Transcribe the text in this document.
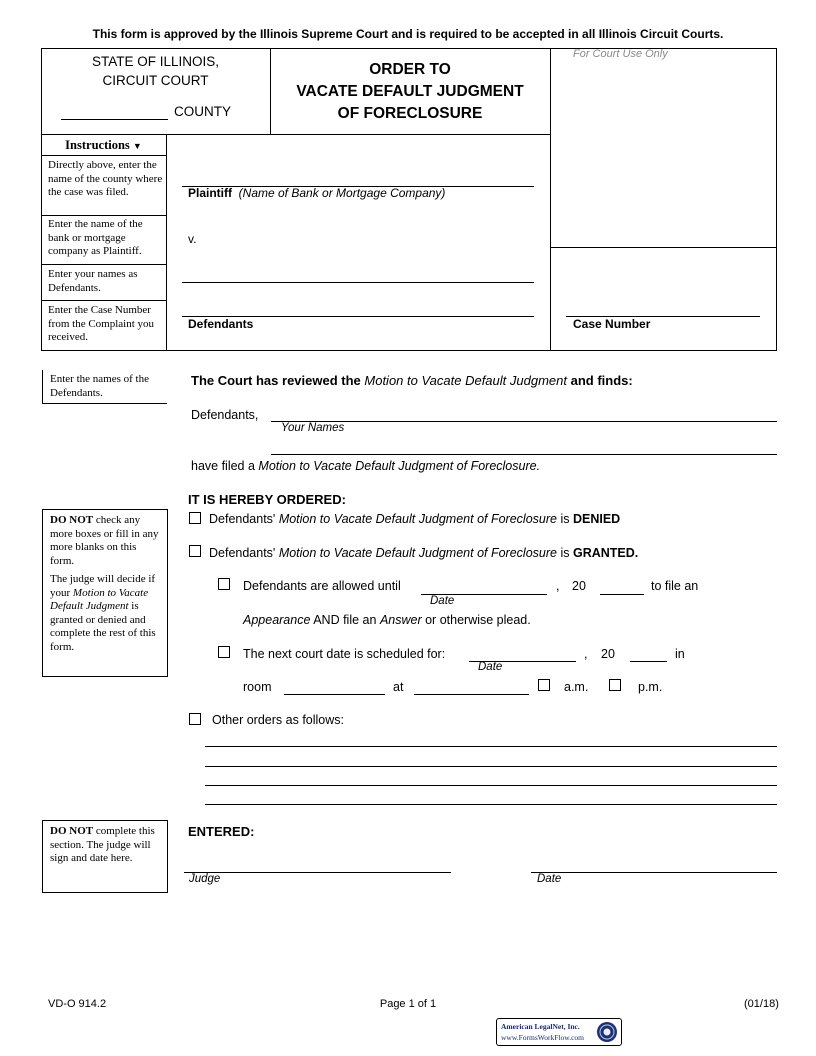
This form is approved by the Illinois Supreme Court and is required to be accepted in all Illinois Circuit Courts.
STATE OF ILLINOIS,
CIRCUIT COURT
COUNTY
ORDER TO
VACATE DEFAULT JUDGMENT
OF FORECLOSURE
For Court Use Only
Instructions ▼
Directly above, enter the name of the county where the case was filed.
Enter the name of the bank or mortgage company as Plaintiff.
Enter your names as Defendants.
Enter the Case Number from the Complaint you received.
Plaintiff (Name of Bank or Mortgage Company)
v.
Defendants	Case Number
Enter the names of the Defendants.
The Court has reviewed the Motion to Vacate Default Judgment and finds:
Defendants,
Your Names
have filed a Motion to Vacate Default Judgment of Foreclosure.
IT IS HEREBY ORDERED:
DO NOT check any more boxes or fill in any more blanks on this form.
The judge will decide if your Motion to Vacate Default Judgment is granted or denied and complete the rest of this form.
Defendants' Motion to Vacate Default Judgment of Foreclosure is DENIED
Defendants' Motion to Vacate Default Judgment of Foreclosure is GRANTED.
Defendants are allowed until
Date
, 20	to file an
Appearance AND file an Answer or otherwise plead.
The next court date is scheduled for:
Date
, 20	in
room	at	a.m.	p.m.
Other orders as follows:
DO NOT complete this section. The judge will sign and date here.
ENTERED:
Judge	Date
VD-O 914.2	Page 1 of 1	(01/18)
American LegalNet, Inc.
www.FormsWorkFlow.com
